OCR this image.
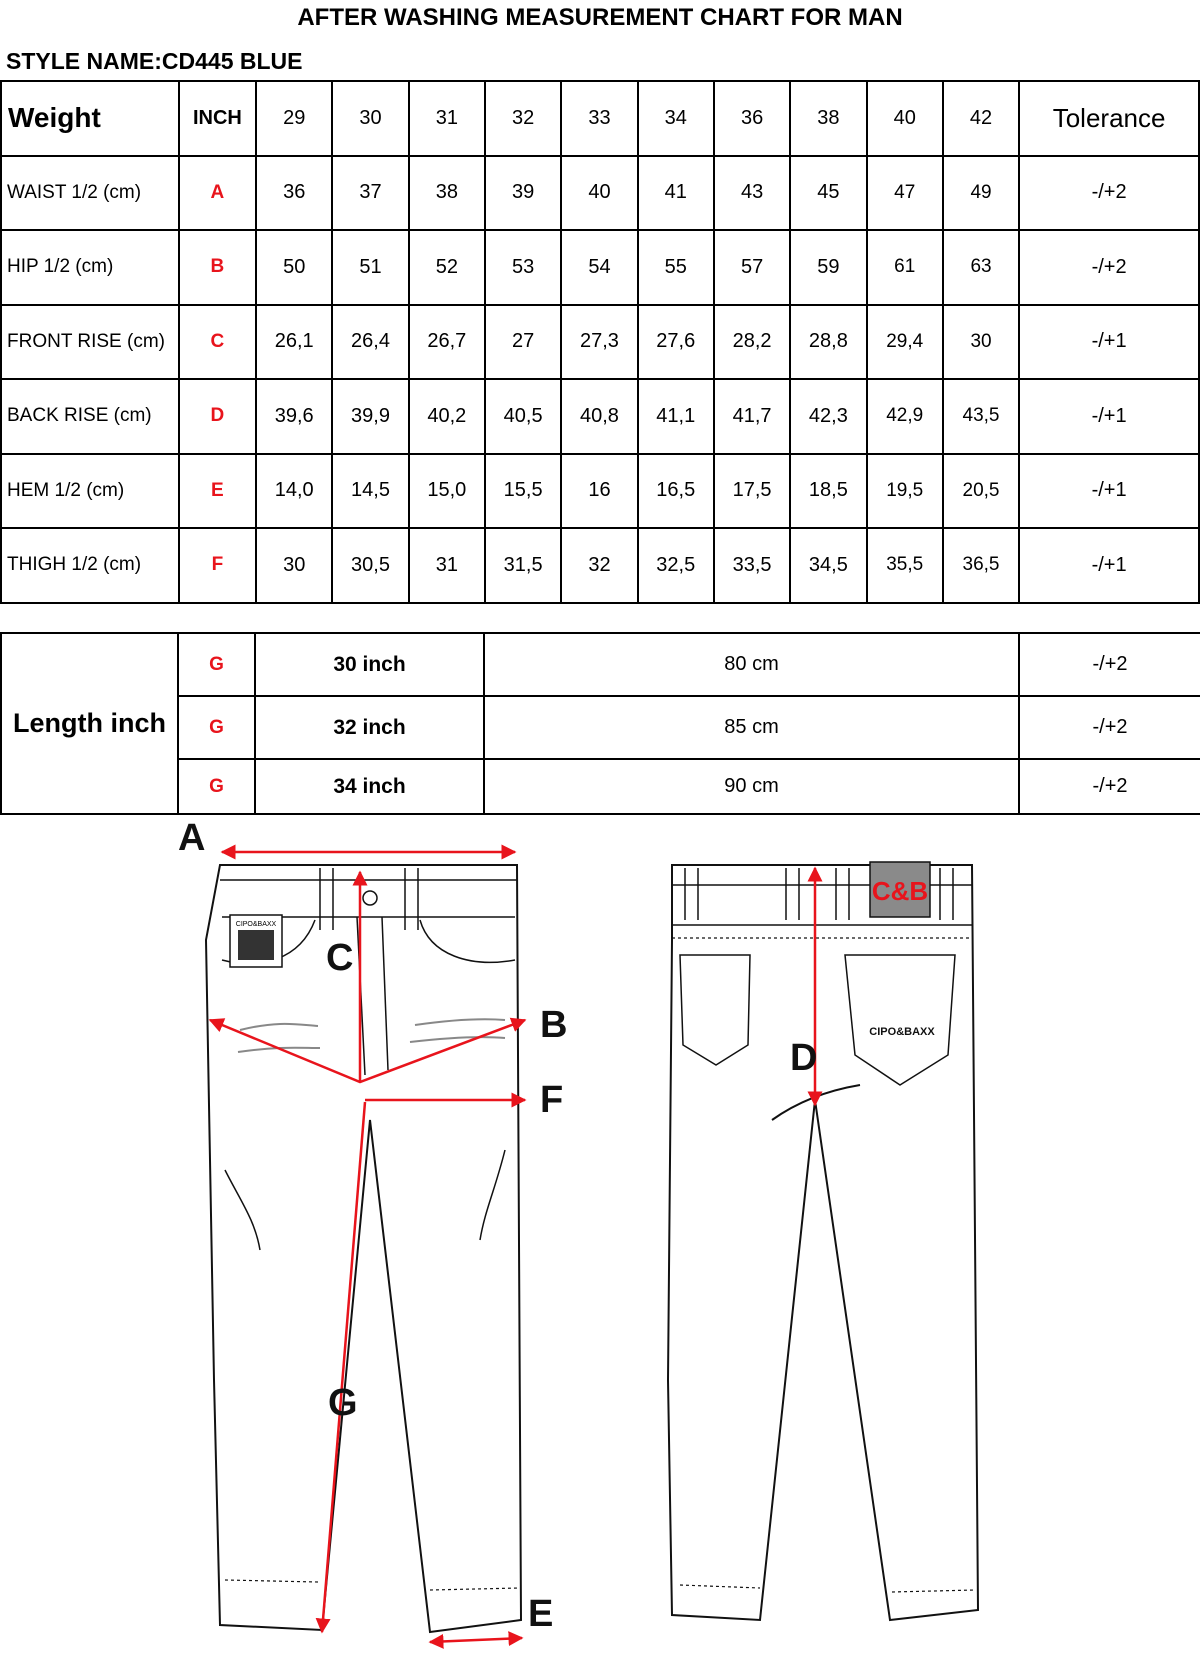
AFTER WASHING MEASUREMENT CHART FOR MAN
STYLE NAME:CD445 BLUE
Weight	INCH	29	30	31	32	33	34	36	38	40	42	Tolerance
WAIST 1/2 (cm)	A	36	37	38	39	40	41	43	45	47	49	-/+2
HIP 1/2 (cm)	B	50	51	52	53	54	55	57	59	61	63	-/+2
FRONT RISE (cm)	C	26,1	26,4	26,7	27	27,3	27,6	28,2	28,8	29,4	30	-/+1
BACK RISE (cm)	D	39,6	39,9	40,2	40,5	40,8	41,1	41,7	42,3	42,9	43,5	-/+1
HEM 1/2 (cm)	E	14,0	14,5	15,0	15,5	16	16,5	17,5	18,5	19,5	20,5	-/+1
THIGH 1/2 (cm)	F	30	30,5	31	31,5	32	32,5	33,5	34,5	35,5	36,5	-/+1
Length inch	G	30 inch	80 cm	-/+2
	G	32 inch	85 cm	-/+2
	G	34 inch	90 cm	-/+2
CIPO&BAXX
A
B
C
F
G
E
C&B
CIPO&BAXX
D
